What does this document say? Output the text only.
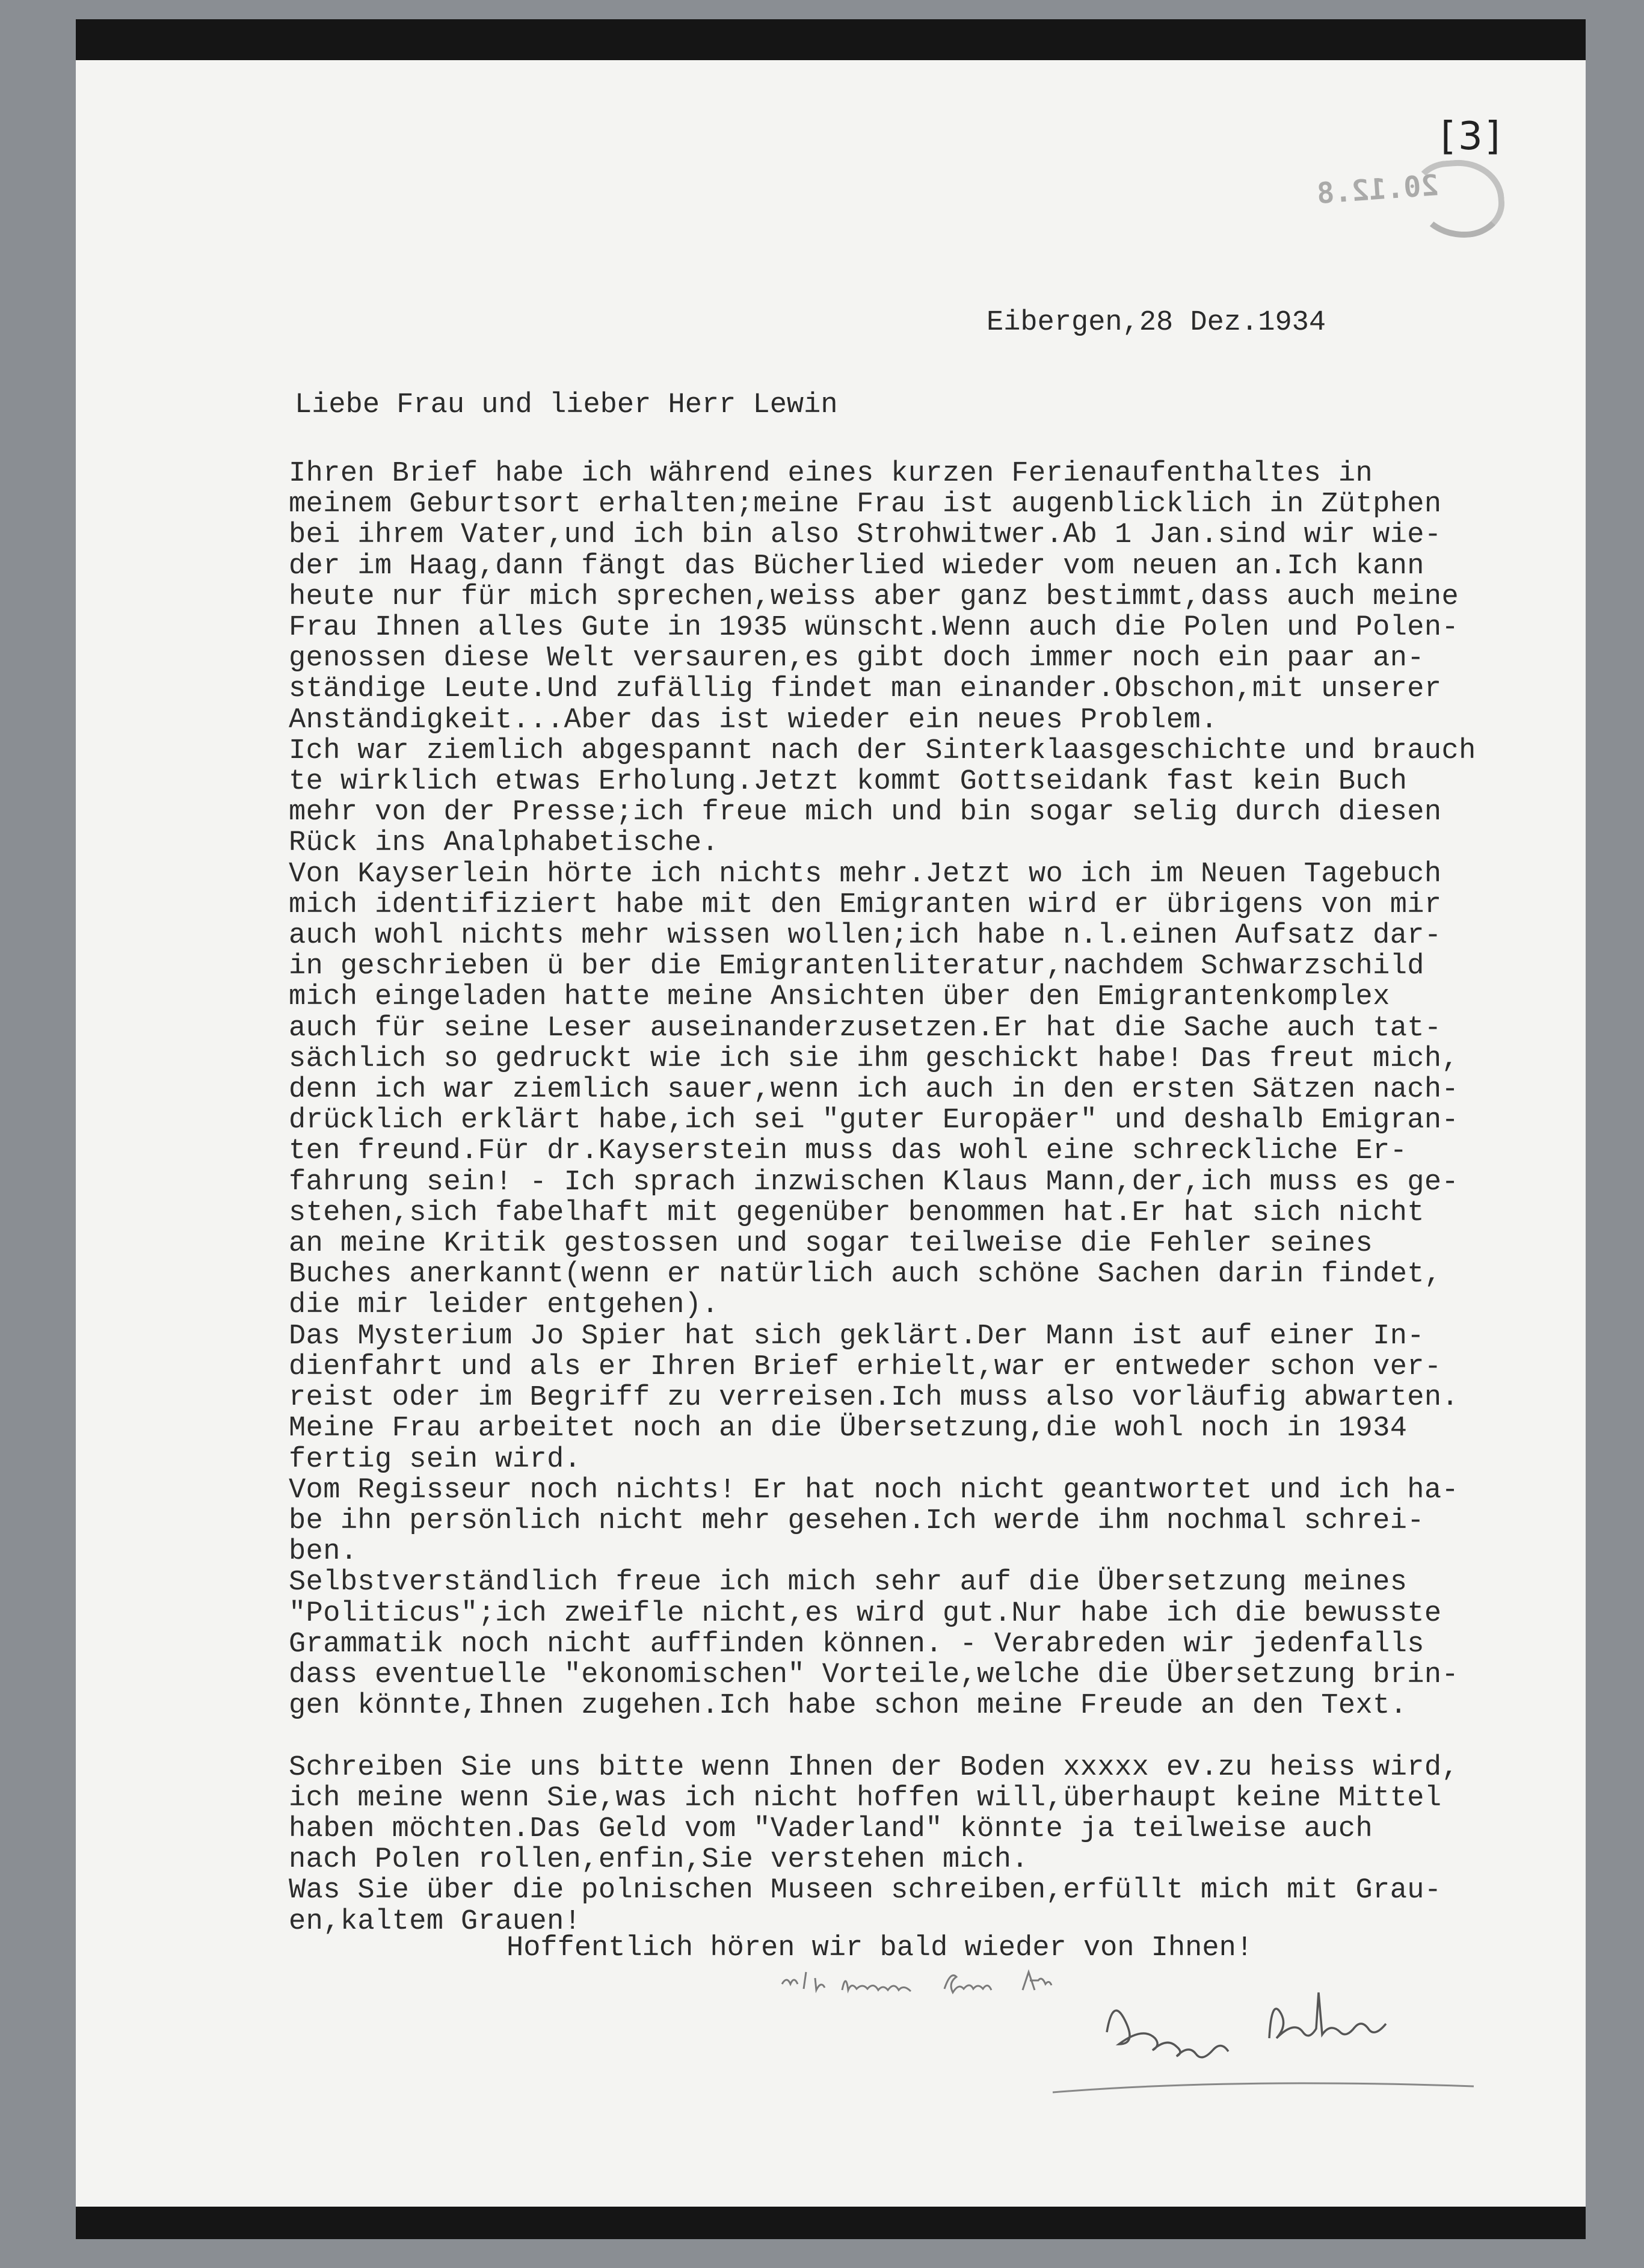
[3]
20.12.8
Eibergen,28 Dez.1934
Liebe Frau und lieber Herr Lewin
Ihren Brief habe ich während eines kurzen Ferienaufenthaltes in
meinem Geburtsort erhalten;meine Frau ist augenblicklich in Zütphen
bei ihrem Vater,und ich bin also Strohwitwer.Ab 1 Jan.sind wir wie-
der im Haag,dann fängt das Bücherlied wieder vom neuen an.Ich kann
heute nur für mich sprechen,weiss aber ganz bestimmt,dass auch meine
Frau Ihnen alles Gute in 1935 wünscht.Wenn auch die Polen und Polen-
genossen diese Welt versauren,es gibt doch immer noch ein paar an-
ständige Leute.Und zufällig findet man einander.Obschon,mit unserer
Anständigkeit...Aber das ist wieder ein neues Problem.
Ich war ziemlich abgespannt nach der Sinterklaasgeschichte und brauch
te wirklich etwas Erholung.Jetzt kommt Gottseidank fast kein Buch
mehr von der Presse;ich freue mich und bin sogar selig durch diesen
Rück ins Analphabetische.
Von Kayserlein hörte ich nichts mehr.Jetzt wo ich im Neuen Tagebuch
mich identifiziert habe mit den Emigranten wird er übrigens von mir
auch wohl nichts mehr wissen wollen;ich habe n.l.einen Aufsatz dar-
in geschrieben ü ber die Emigrantenliteratur,nachdem Schwarzschild
mich eingeladen hatte meine Ansichten über den Emigrantenkomplex
auch für seine Leser auseinanderzusetzen.Er hat die Sache auch tat-
sächlich so gedruckt wie ich sie ihm geschickt habe! Das freut mich,
denn ich war ziemlich sauer,wenn ich auch in den ersten Sätzen nach-
drücklich erklärt habe,ich sei "guter Europäer" und deshalb Emigran-
ten freund.Für dr.Kayserstein muss das wohl eine schreckliche Er-
fahrung sein! - Ich sprach inzwischen Klaus Mann,der,ich muss es ge-
stehen,sich fabelhaft mit gegenüber benommen hat.Er hat sich nicht
an meine Kritik gestossen und sogar teilweise die Fehler seines
Buches anerkannt(wenn er natürlich auch schöne Sachen darin findet,
die mir leider entgehen).
Das Mysterium Jo Spier hat sich geklärt.Der Mann ist auf einer In-
dienfahrt und als er Ihren Brief erhielt,war er entweder schon ver-
reist oder im Begriff zu verreisen.Ich muss also vorläufig abwarten.
Meine Frau arbeitet noch an die Übersetzung,die wohl noch in 1934
fertig sein wird.
Vom Regisseur noch nichts! Er hat noch nicht geantwortet und ich ha-
be ihn persönlich nicht mehr gesehen.Ich werde ihm nochmal schrei-
ben.
Selbstverständlich freue ich mich sehr auf die Übersetzung meines
"Politicus";ich zweifle nicht,es wird gut.Nur habe ich die bewusste
Grammatik noch nicht auffinden können. - Verabreden wir jedenfalls
dass eventuelle "ekonomischen" Vorteile,welche die Übersetzung brin-
gen könnte,Ihnen zugehen.Ich habe schon meine Freude an den Text.

Schreiben Sie uns bitte wenn Ihnen der Boden xxxxx ev.zu heiss wird,
ich meine wenn Sie,was ich nicht hoffen will,überhaupt keine Mittel
haben möchten.Das Geld vom "Vaderland" könnte ja teilweise auch
nach Polen rollen,enfin,Sie verstehen mich.
Was Sie über die polnischen Museen schreiben,erfüllt mich mit Grau-
en,kaltem Grauen!
Hoffentlich hören wir bald wieder von Ihnen!
